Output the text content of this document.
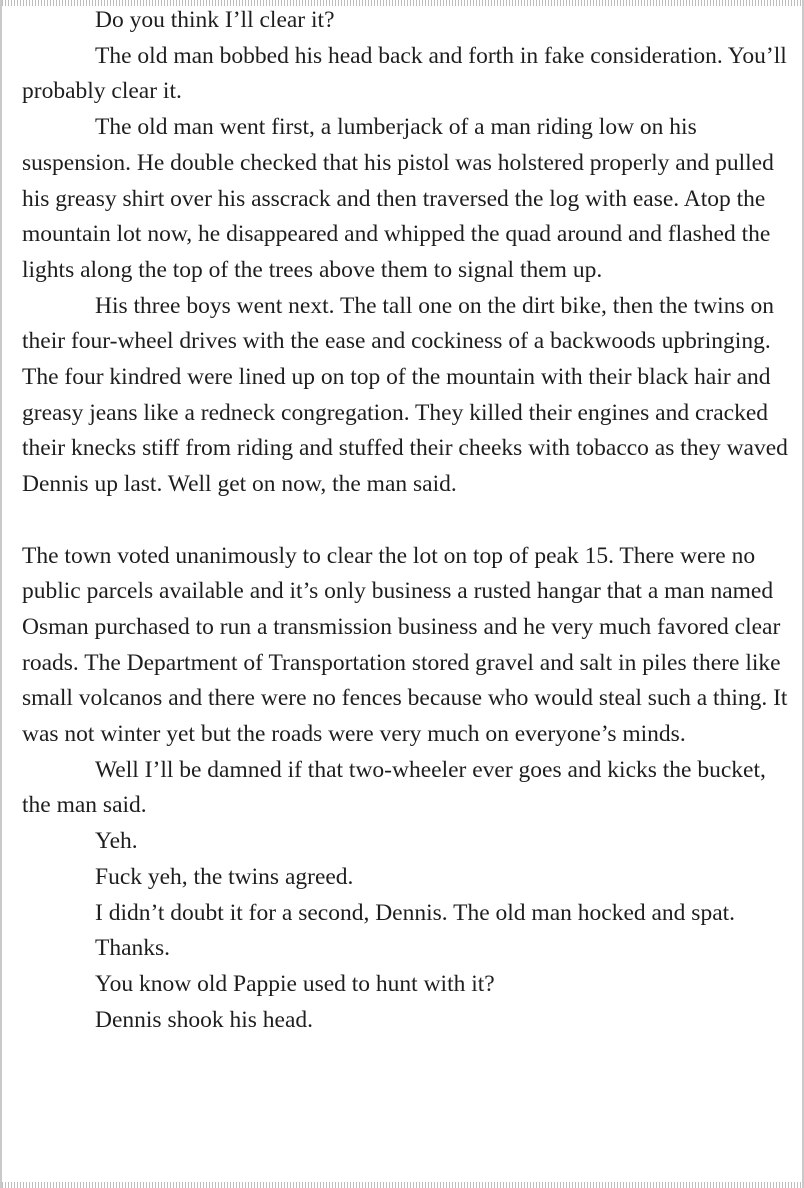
Do you think I’ll clear it?

The old man bobbed his head back and forth in fake consideration. You’ll probably clear it.

The old man went first, a lumberjack of a man riding low on his suspension. He double checked that his pistol was holstered properly and pulled his greasy shirt over his asscrack and then traversed the log with ease. Atop the mountain lot now, he disappeared and whipped the quad around and flashed the lights along the top of the trees above them to signal them up.

His three boys went next. The tall one on the dirt bike, then the twins on their four-wheel drives with the ease and cockiness of a backwoods upbringing. The four kindred were lined up on top of the mountain with their black hair and greasy jeans like a redneck congregation. They killed their engines and cracked their knecks stiff from riding and stuffed their cheeks with tobacco as they waved Dennis up last. Well get on now, the man said.

The town voted unanimously to clear the lot on top of peak 15. There were no public parcels available and it’s only business a rusted hangar that a man named Osman purchased to run a transmission business and he very much favored clear roads. The Department of Transportation stored gravel and salt in piles there like small volcanos and there were no fences because who would steal such a thing. It was not winter yet but the roads were very much on everyone’s minds.

Well I’ll be damned if that two-wheeler ever goes and kicks the bucket, the man said.

Yeh.

Fuck yeh, the twins agreed.

I didn’t doubt it for a second, Dennis. The old man hocked and spat.

Thanks.

You know old Pappie used to hunt with it?

Dennis shook his head.
